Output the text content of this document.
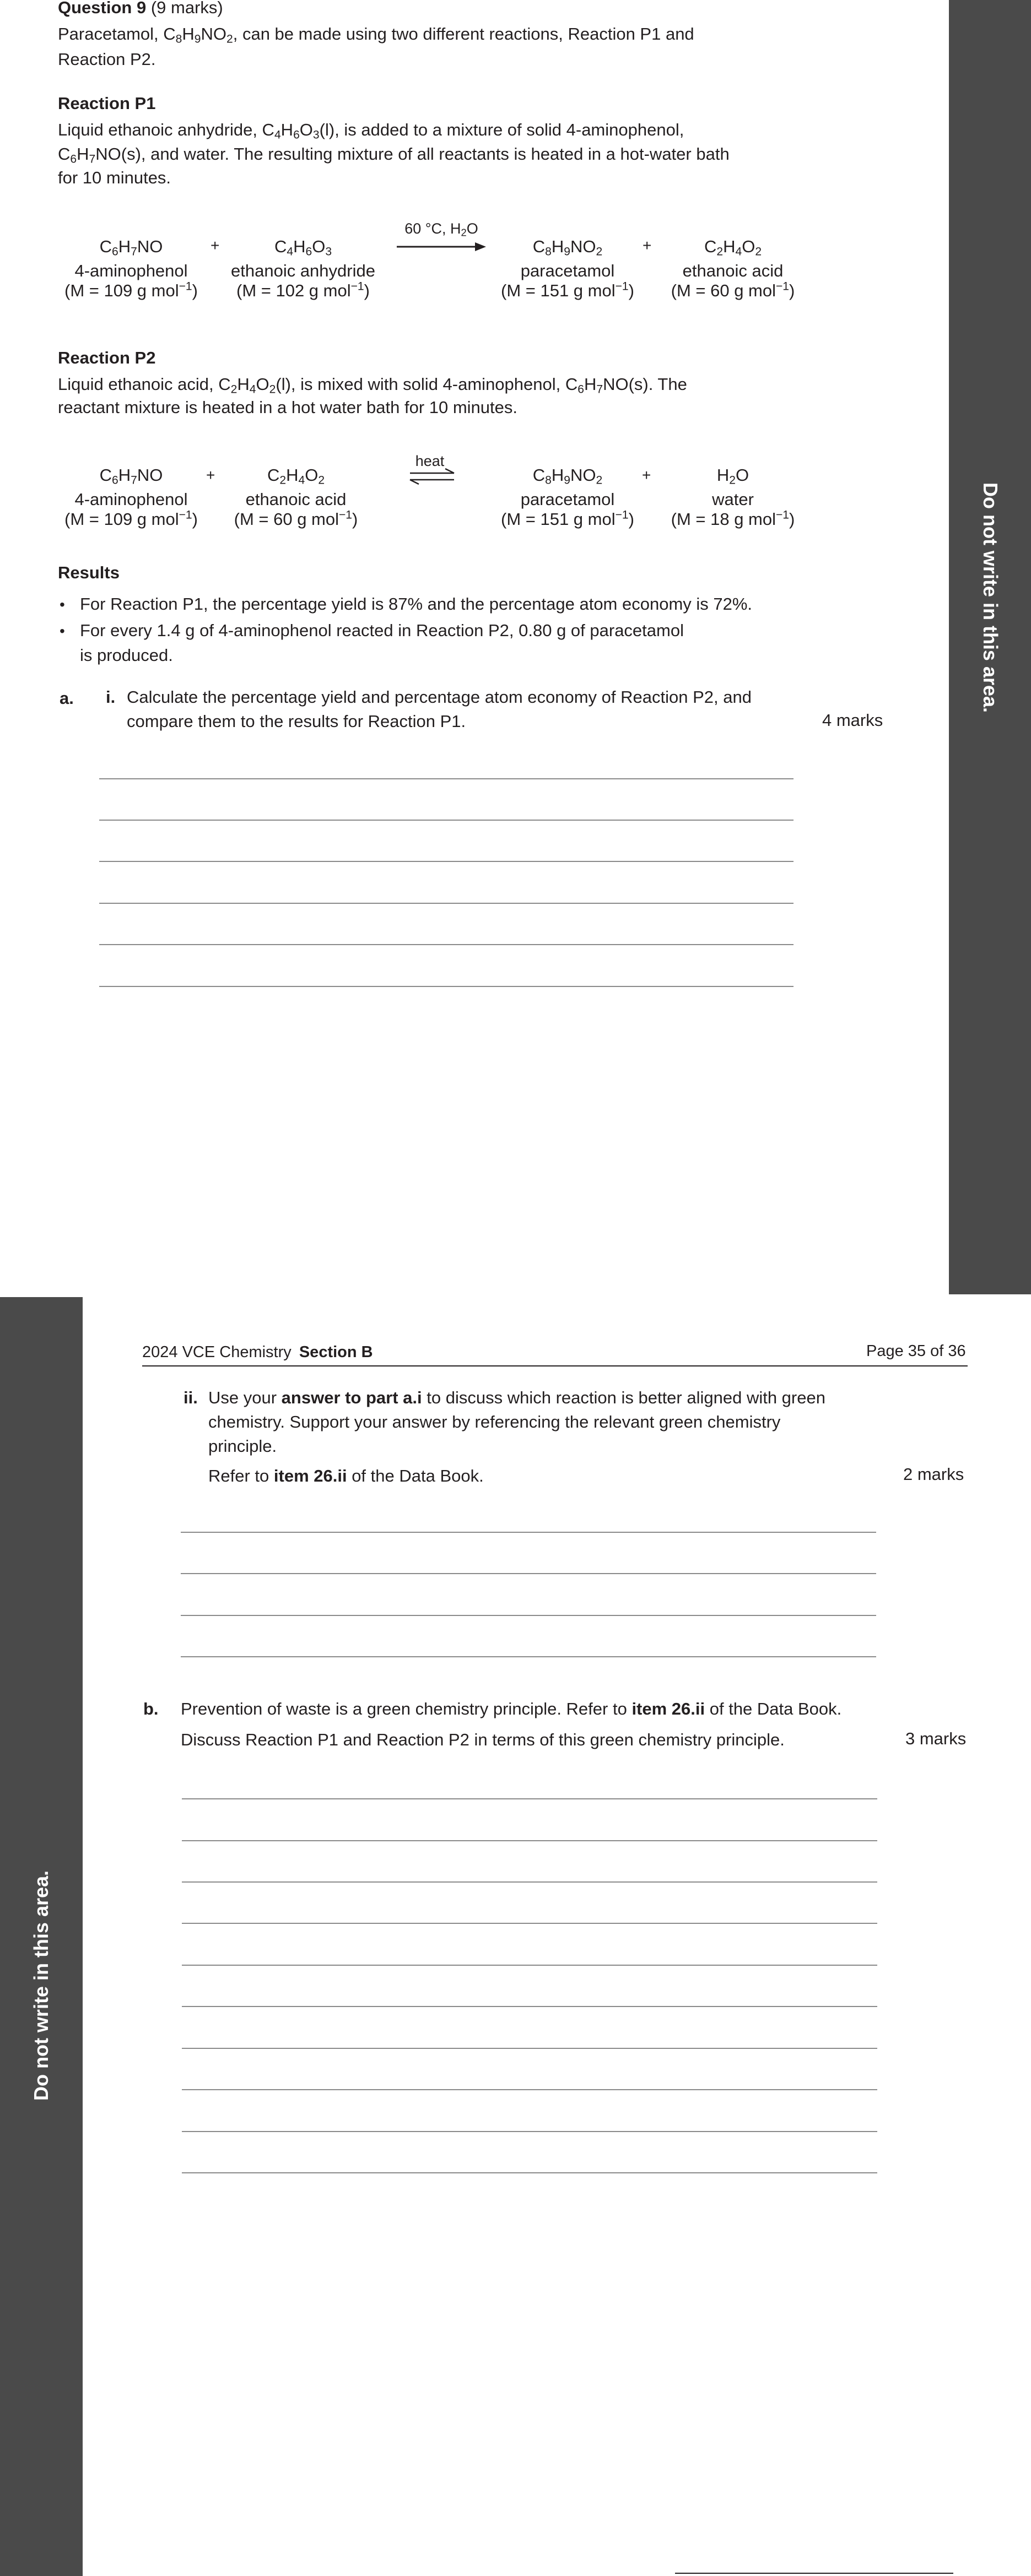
Question 9 (9 marks)
Paracetamol, $C_8H_9NO_2$, can be made using two different reactions, Reaction P1 and
Reaction P2.
Reaction P1
Liquid ethanoic anhydride, $C_4H_6O_3(l)$, is added to a mixture of solid 4-aminophenol,
$C_6H_7NO(s)$, and water. The resulting mixture of all reactants is heated in a hot-water bath
for 10 minutes.
$C_6H_7NO$
4-aminophenol
(M = 109 g mol$^{-1}$)
+	$C_4H_6O_3$
ethanoic anhydride
(M = 102 g mol$^{-1}$)
60 °C, $H_2O$
$C_8H_9NO_2$
paracetamol
(M = 151 g mol$^{-1}$)
+	$C_2H_4O_2$
ethanoic acid
(M = 60 g mol$^{-1}$)
Reaction P2
Liquid ethanoic acid, $C_2H_4O_2(l)$, is mixed with solid 4-aminophenol, $C_6H_7NO(s)$. The
reactant mixture is heated in a hot water bath for 10 minutes.
$C_6H_7NO$
4-aminophenol
(M = 109 g mol$^{-1}$)
+	$C_2H_4O_2$
ethanoic acid
(M = 60 g mol$^{-1}$)
heat
$C_8H_9NO_2$
paracetamol
(M = 151 g mol$^{-1}$)
+	$H_2O$
water
(M = 18 g mol$^{-1}$)
Results
• For Reaction P1, the percentage yield is 87% and the percentage atom economy is 72%.
• For every 1.4 g of 4-aminophenol reacted in Reaction P2, 0.80 g of paracetamol
is produced.
a. i. Calculate the percentage yield and percentage atom economy of Reaction P2, and
compare them to the results for Reaction P1.	4 marks
Do not write in this area.
Do not write in this area.
2024 VCE Chemistry Section B	Page 35 of 36
ii. Use your answer to part a.i to discuss which reaction is better aligned with green
chemistry. Support your answer by referencing the relevant green chemistry
principle.
Refer to item 26.ii of the Data Book.	2 marks
b. Prevention of waste is a green chemistry principle. Refer to item 26.ii of the Data Book.
Discuss Reaction P1 and Reaction P2 in terms of this green chemistry principle.	3 marks
